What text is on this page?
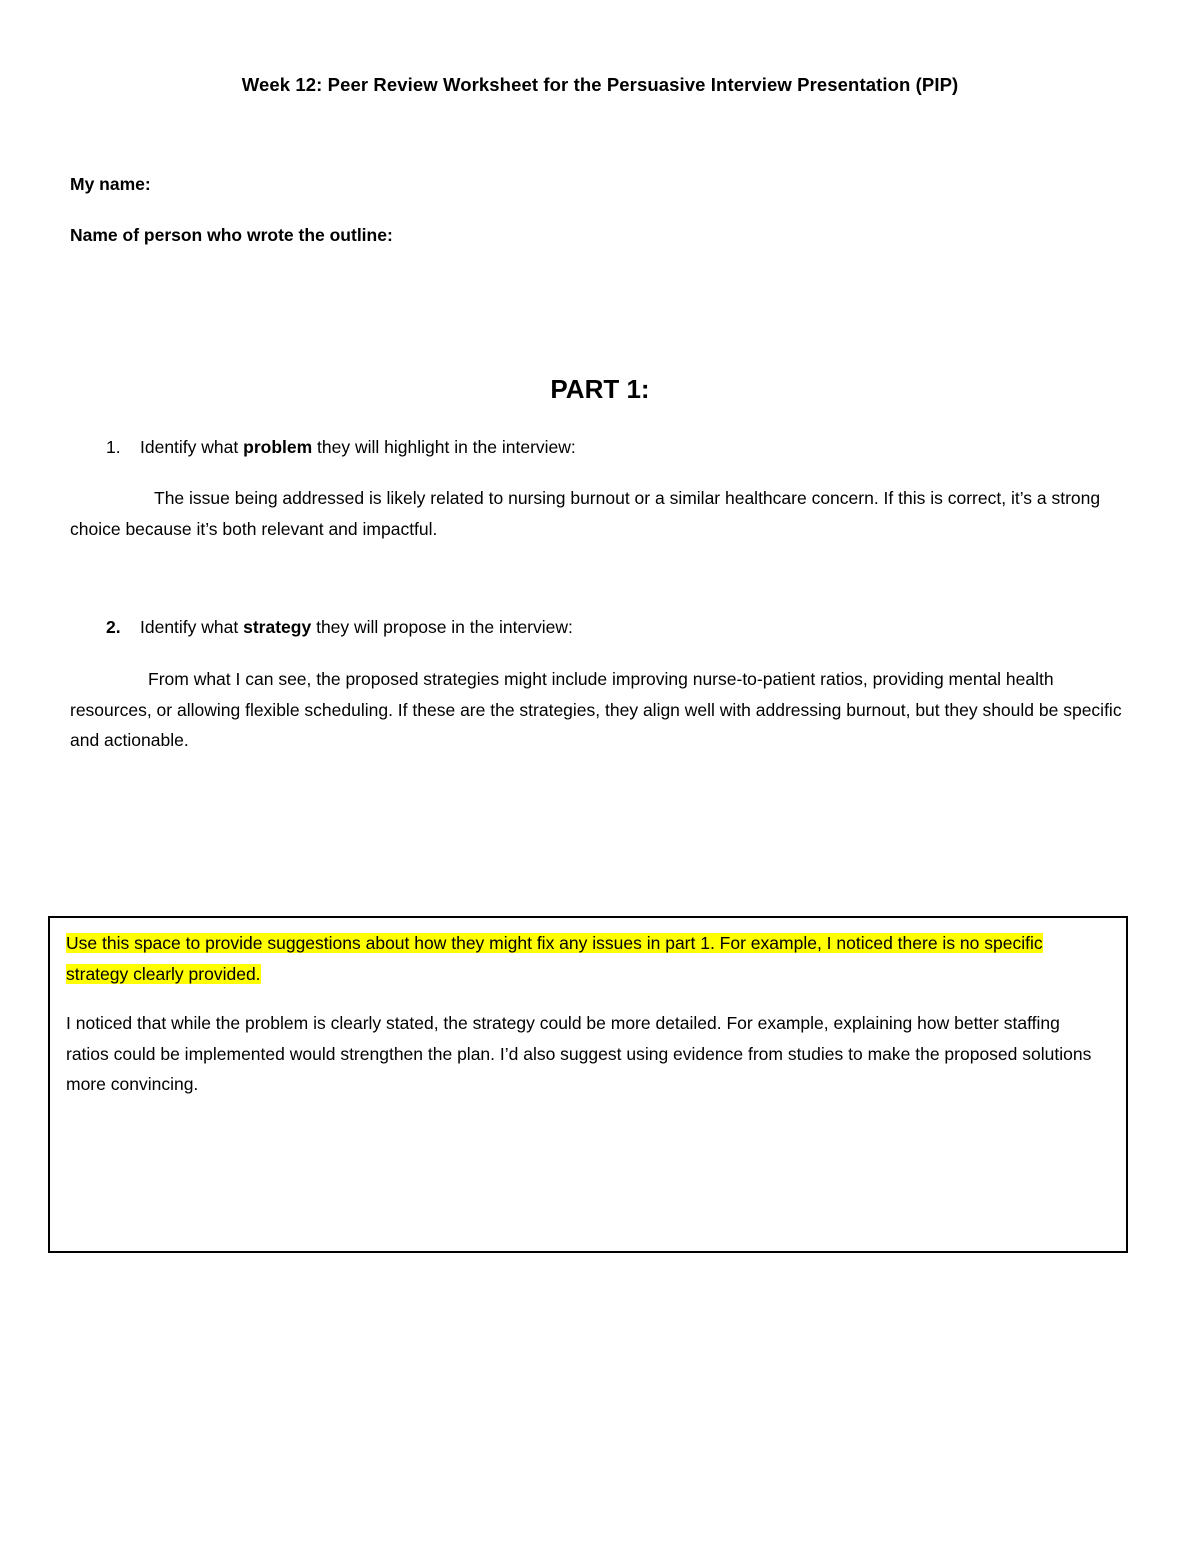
Week 12: Peer Review Worksheet for the Persuasive Interview Presentation (PIP)

My name:

Name of person who wrote the outline:

PART 1:

1. Identify what problem they will highlight in the interview:

The issue being addressed is likely related to nursing burnout or a similar healthcare concern. If this is correct, it’s a strong choice because it’s both relevant and impactful.

2. Identify what strategy they will propose in the interview:

From what I can see, the proposed strategies might include improving nurse-to-patient ratios, providing mental health resources, or allowing flexible scheduling. If these are the strategies, they align well with addressing burnout, but they should be specific and actionable.

Use this space to provide suggestions about how they might fix any issues in part 1. For example, I noticed there is no specific strategy clearly provided.

I noticed that while the problem is clearly stated, the strategy could be more detailed. For example, explaining how better staffing ratios could be implemented would strengthen the plan. I’d also suggest using evidence from studies to make the proposed solutions more convincing.
